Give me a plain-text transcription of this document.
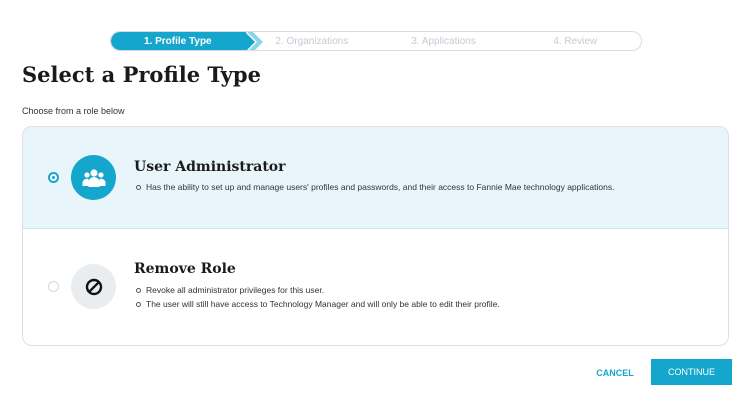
1. Profile Type	2. Organizations	3. Applications	4. Review
Select a Profile Type
Choose from a role below
User Administrator
Has the ability to set up and manage users' profiles and passwords, and their access to Fannie Mae technology applications.
Remove Role
Revoke all administrator privileges for this user.
The user will still have access to Technology Manager and will only be able to edit their profile.
CANCEL	CONTINUE
